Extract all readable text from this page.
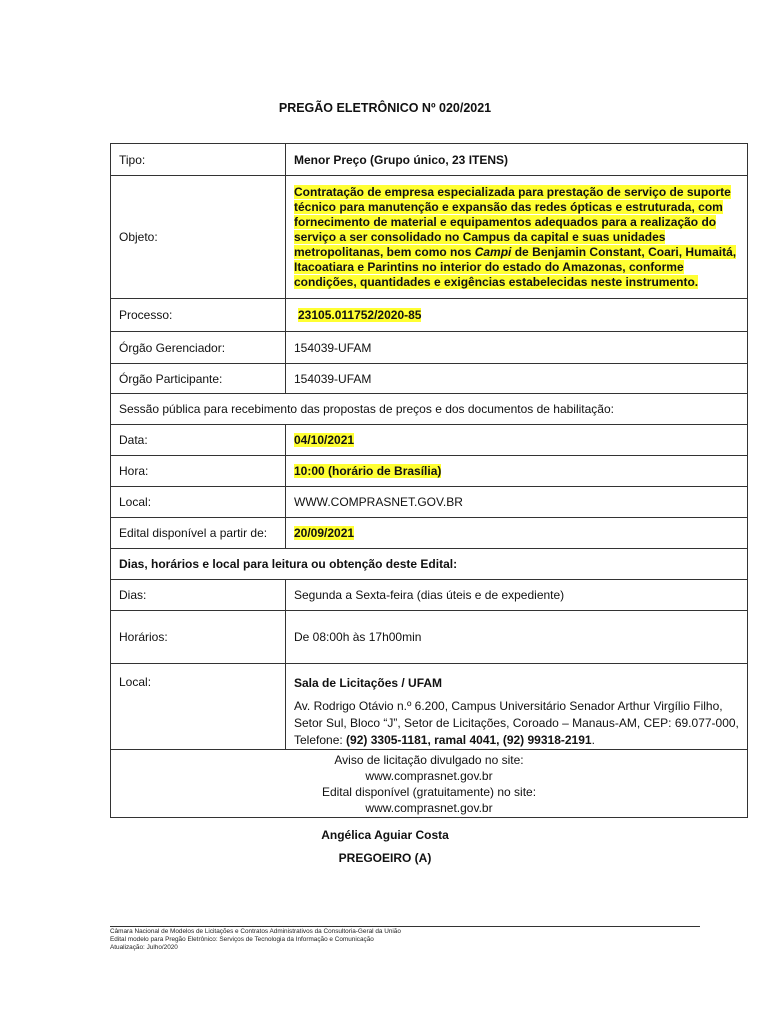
PREGÃO ELETRÔNICO Nº 020/2021
Tipo:	Menor Preço (Grupo único, 23 ITENS)
Objeto:	Contratação de empresa especializada para prestação de serviço de suporte técnico para manutenção e expansão das redes ópticas e estruturada, com fornecimento de material e equipamentos adequados para a realização do serviço a ser consolidado no Campus da capital e suas unidades metropolitanas, bem como nos Campi de Benjamin Constant, Coari, Humaitá, Itacoatiara e Parintins no interior do estado do Amazonas, conforme condições, quantidades e exigências estabelecidas neste instrumento.
Processo:	23105.011752/2020-85
Órgão Gerenciador:	154039-UFAM
Órgão Participante:	154039-UFAM
Sessão pública para recebimento das propostas de preços e dos documentos de habilitação:	
Data:	04/10/2021
Hora:	10:00 (horário de Brasília)
Local:	WWW.COMPRASNET.GOV.BR
Edital disponível a partir de:	20/09/2021
Dias, horários e local para leitura ou obtenção deste Edital:	
Dias:	Segunda a Sexta-feira (dias úteis e de expediente)
Horários:	De 08:00h às 17h00min
Local:	Sala de Licitações / UFAM
Av. Rodrigo Otávio n.º 6.200, Campus Universitário Senador Arthur Virgílio Filho, Setor Sul, Bloco “J”, Setor de Licitações, Coroado – Manaus-AM, CEP: 69.077-000, Telefone: (92) 3305-1181, ramal 4041, (92) 99318-2191.

Aviso de licitação divulgado no site:
www.comprasnet.gov.br
Edital disponível (gratuitamente) no site:
www.comprasnet.gov.br	
Angélica Aguiar Costa
PREGOEIRO (A)
Câmara Nacional de Modelos de Licitações e Contratos Administrativos da Consultoria-Geral da União
Edital modelo para Pregão Eletrônico: Serviços de Tecnologia da Informação e Comunicação
Atualização: Julho/2020
